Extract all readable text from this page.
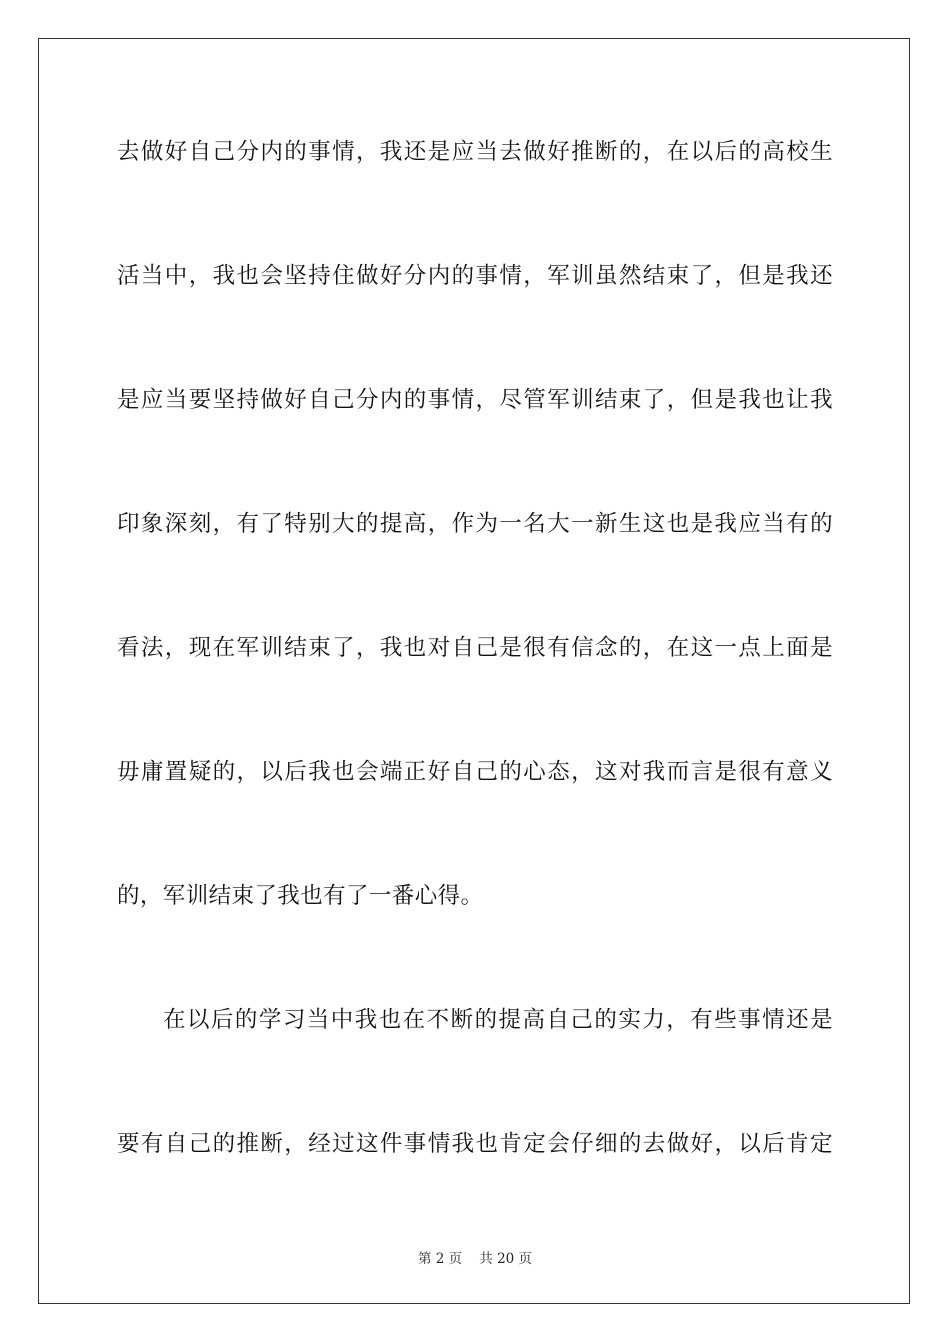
去做好自己分内的事情，我还是应当去做好推断的，在以后的高校生
活当中，我也会坚持住做好分内的事情，军训虽然结束了，但是我还
是应当要坚持做好自己分内的事情，尽管军训结束了，但是我也让我
印象深刻，有了特别大的提高，作为一名大一新生这也是我应当有的
看法，现在军训结束了，我也对自己是很有信念的，在这一点上面是
毋庸置疑的，以后我也会端正好自己的心态，这对我而言是很有意义
的，军训结束了我也有了一番心得。
在以后的学习当中我也在不断的提高自己的实力，有些事情还是
要有自己的推断，经过这件事情我也肯定会仔细的去做好，以后肯定
第 2 页    共 20 页
